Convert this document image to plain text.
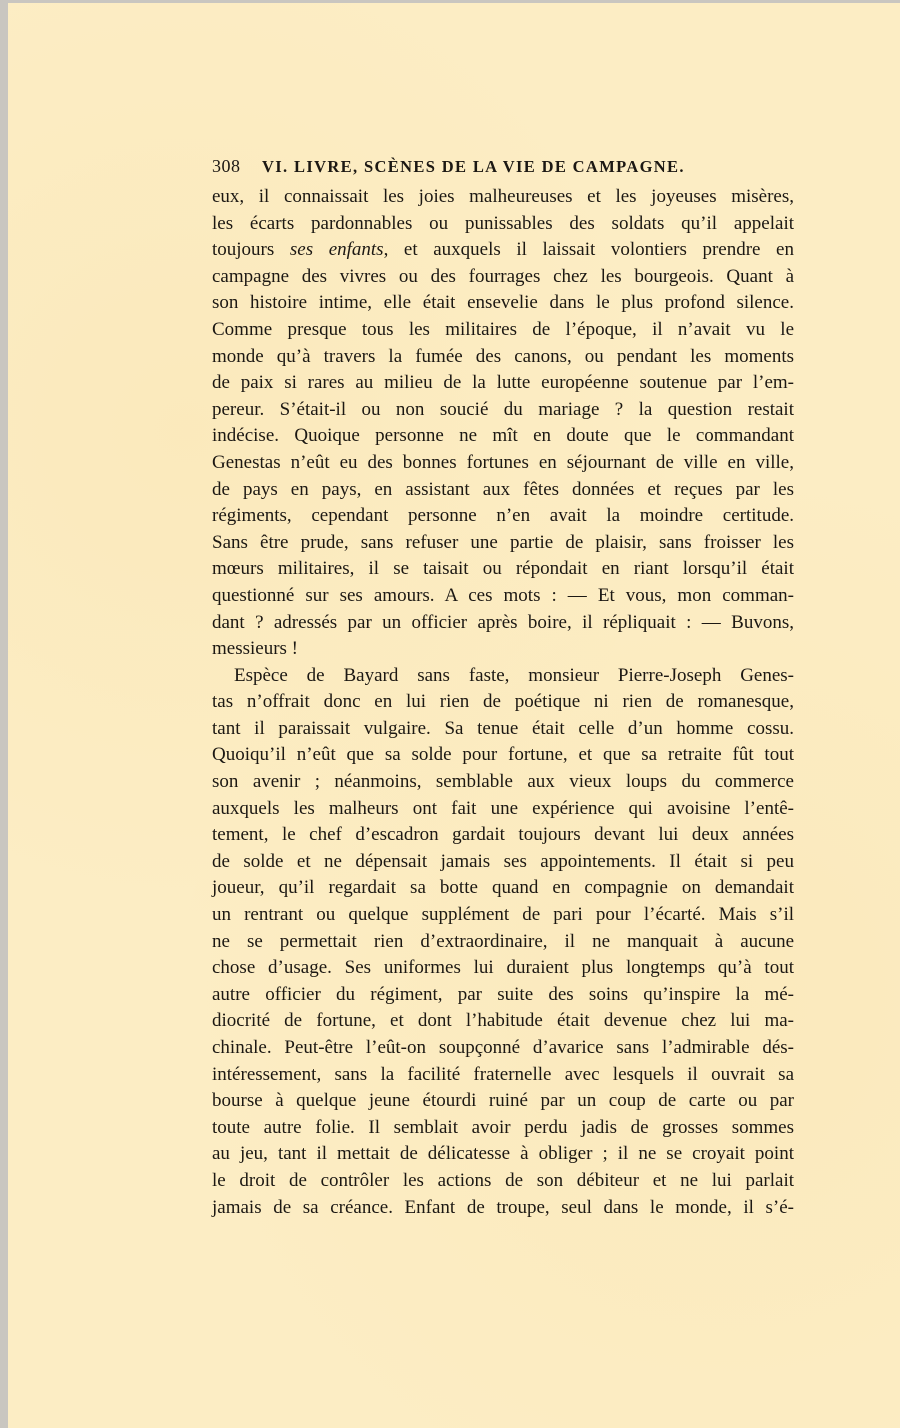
308 VI. LIVRE, SCÈNES DE LA VIE DE CAMPAGNE.
eux, il connaissait les joies malheureuses et les joyeuses misères,
les écarts pardonnables ou punissables des soldats qu’il appelait
toujours ses enfants, et auxquels il laissait volontiers prendre en
campagne des vivres ou des fourrages chez les bourgeois. Quant à
son histoire intime, elle était ensevelie dans le plus profond silence.
Comme presque tous les militaires de l’époque, il n’avait vu le
monde qu’à travers la fumée des canons, ou pendant les moments
de paix si rares au milieu de la lutte européenne soutenue par l’em-
pereur. S’était-il ou non soucié du mariage ? la question restait
indécise. Quoique personne ne mît en doute que le commandant
Genestas n’eût eu des bonnes fortunes en séjournant de ville en ville,
de pays en pays, en assistant aux fêtes données et reçues par les
régiments, cependant personne n’en avait la moindre certitude.
Sans être prude, sans refuser une partie de plaisir, sans froisser les
mœurs militaires, il se taisait ou répondait en riant lorsqu’il était
questionné sur ses amours. A ces mots : — Et vous, mon comman-
dant ? adressés par un officier après boire, il répliquait : — Buvons,
messieurs !
Espèce de Bayard sans faste, monsieur Pierre-Joseph Genes-
tas n’offrait donc en lui rien de poétique ni rien de romanesque,
tant il paraissait vulgaire. Sa tenue était celle d’un homme cossu.
Quoiqu’il n’eût que sa solde pour fortune, et que sa retraite fût tout
son avenir ; néanmoins, semblable aux vieux loups du commerce
auxquels les malheurs ont fait une expérience qui avoisine l’entê-
tement, le chef d’escadron gardait toujours devant lui deux années
de solde et ne dépensait jamais ses appointements. Il était si peu
joueur, qu’il regardait sa botte quand en compagnie on demandait
un rentrant ou quelque supplément de pari pour l’écarté. Mais s’il
ne se permettait rien d’extraordinaire, il ne manquait à aucune
chose d’usage. Ses uniformes lui duraient plus longtemps qu’à tout
autre officier du régiment, par suite des soins qu’inspire la mé-
diocrité de fortune, et dont l’habitude était devenue chez lui ma-
chinale. Peut-être l’eût-on soupçonné d’avarice sans l’admirable dés-
intéressement, sans la facilité fraternelle avec lesquels il ouvrait sa
bourse à quelque jeune étourdi ruiné par un coup de carte ou par
toute autre folie. Il semblait avoir perdu jadis de grosses sommes
au jeu, tant il mettait de délicatesse à obliger ; il ne se croyait point
le droit de contrôler les actions de son débiteur et ne lui parlait
jamais de sa créance. Enfant de troupe, seul dans le monde, il s’é-
